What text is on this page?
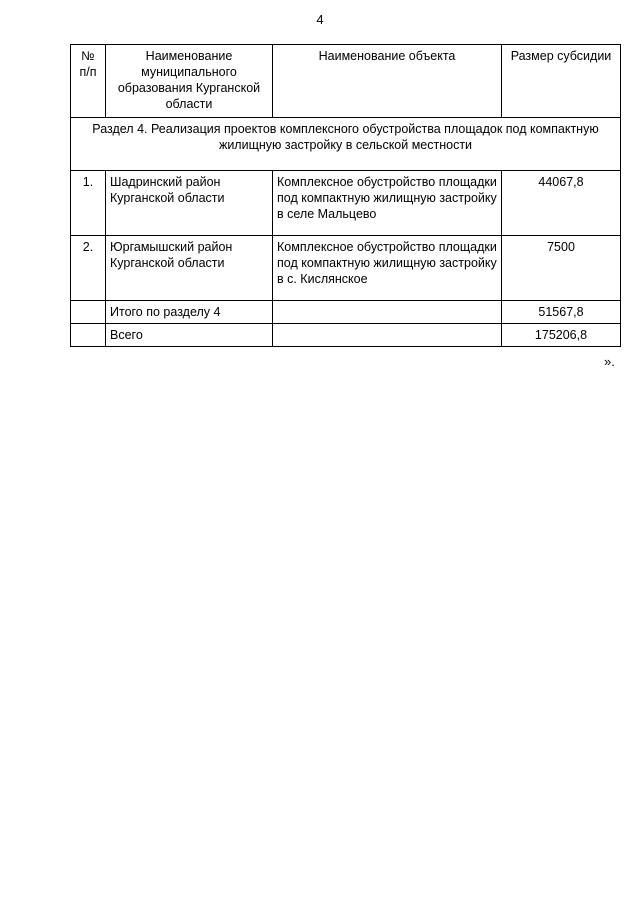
4
№
п/п	Наименование муниципального образования Курганской области	Наименование объекта	Размер субсидии
Раздел 4. Реализация проектов комплексного обустройства площадок под компактную жилищную застройку в сельской местности			
1.	Шадринский район Курганской области	Комплексное обустройство площадки под компактную жилищную застройку в селе Мальцево	44067,8
2.	Юргамышский район Курганской области	Комплексное обустройство площадки под компактную жилищную застройку в с. Кислянское	7500
	Итого по разделу 4		51567,8
	Всего		175206,8
».
